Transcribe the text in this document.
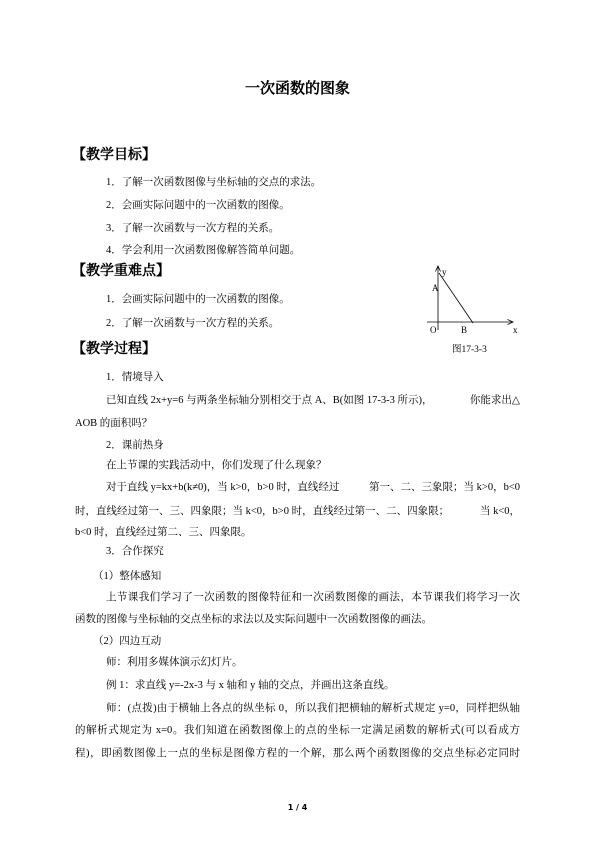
一次函数的图象
【教学目标】
1．了解一次函数图像与坐标轴的交点的求法。
2．会画实际问题中的一次函数的图像。
3．了解一次函数与一次方程的关系。
4．学会利用一次函数图像解答简单问题。
【教学重难点】
1．会画实际问题中的一次函数的图像。
2．了解一次函数与一次方程的关系。
【教学过程】
1．情境导入
已知直线 2x+y=6 与两条坐标轴分别相交于点 A、B(如图 17-3-3 所示)，	你能求出△
AOB 的面积吗？
2．课前热身
在上节课的实践活动中，你们发现了什么现象？
对于直线 y=kx+b(k≠0)，当 k>0，b>0 时，直线经过	第一、二、三象限；当 k>0，b<0
时，直线经过第一、三、四象限；当 k<0，b>0 时，直线经过第一、二、四象限；	当 k<0，
b<0 时，直线经过第二、三、四象限。
3．合作探究
（1）整体感知
上节课我们学习了一次函数的图像特征和一次函数图像的画法，本节课我们将学习一次
函数的图像与坐标轴的交点坐标的求法以及实际问题中一次函数图像的画法。
（2）四边互动
师：利用多媒体演示幻灯片。
例 1：求直线 y=-2x-3 与 x 轴和 y 轴的交点，并画出这条直线。
师：(点拨)由于横轴上各点的纵坐标 0，所以我们把横轴的解析式规定 y=0，同样把纵轴
的解析式规定为 x=0。我们知道在函数图像上的点的坐标一定满足函数的解析式(可以看成方
程)，即函数图像上一点的坐标是图像方程的一个解，那么两个函数图像的交点坐标必定同时
y
A
O	B	x
图17-3-3
1 / 4
